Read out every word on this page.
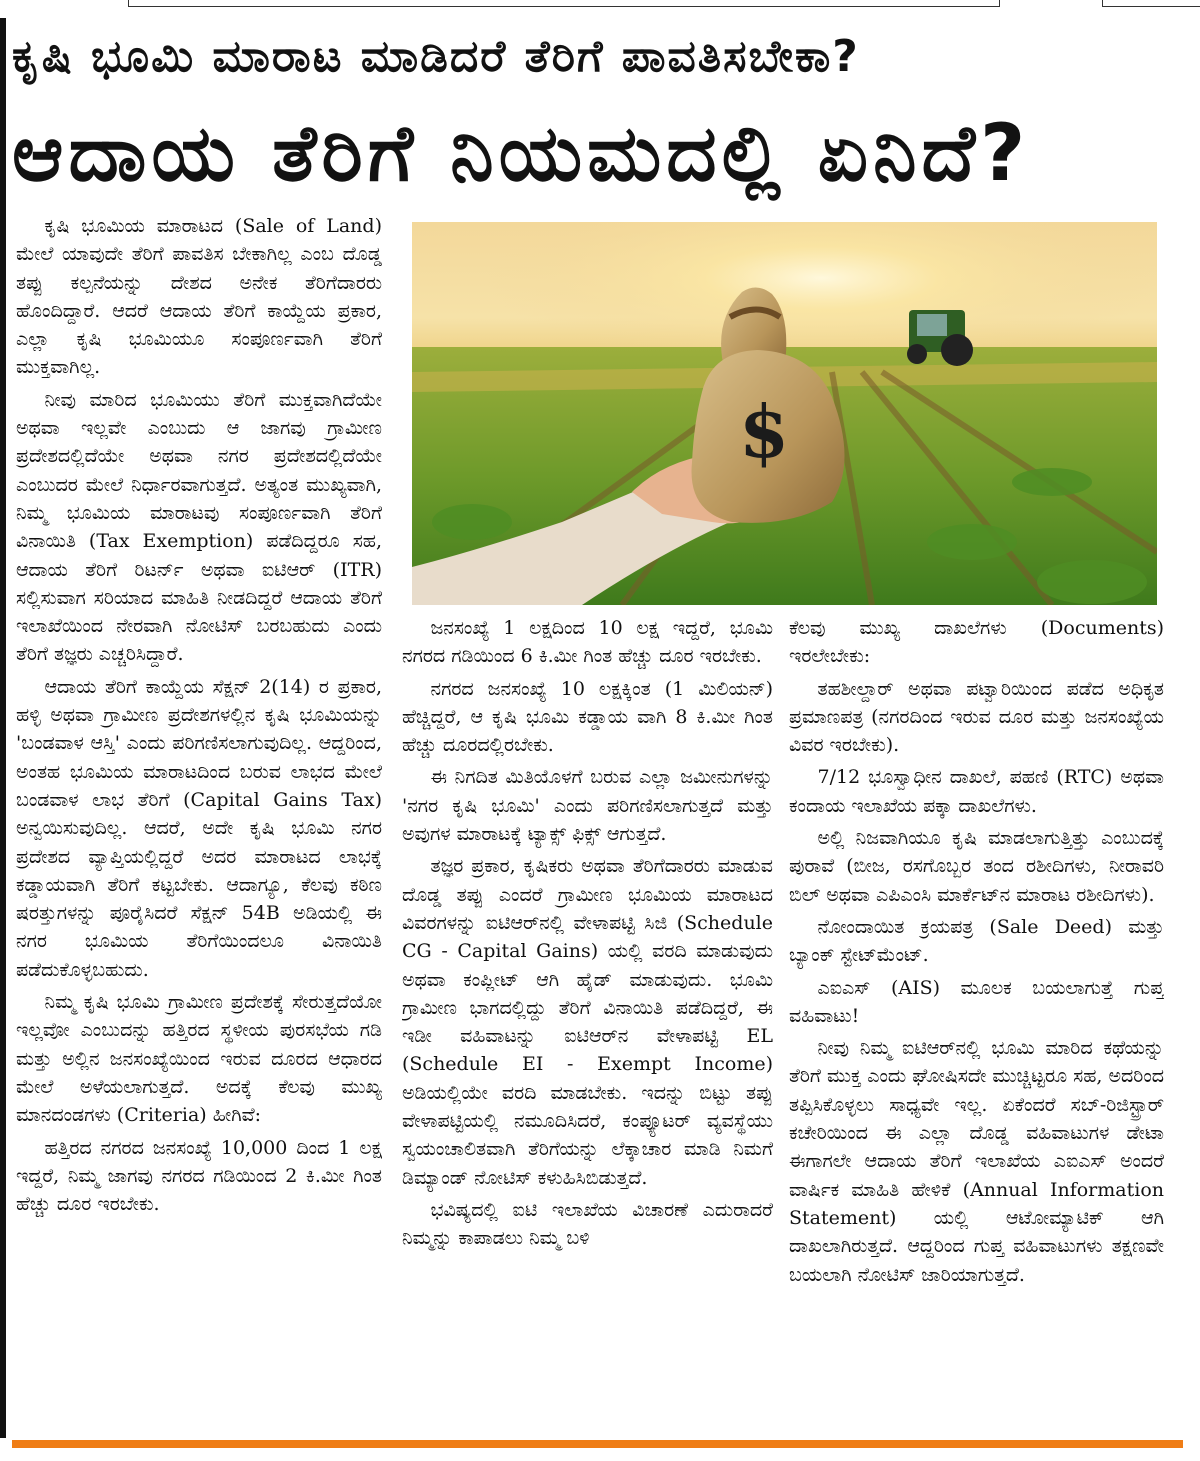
ಕೃಷಿ ಭೂಮಿ ಮಾರಾಟ ಮಾಡಿದರೆ ತೆರಿಗೆ ಪಾವತಿಸಬೇಕಾ?
ಆದಾಯ ತೆರಿಗೆ ನಿಯಮದಲ್ಲಿ ಏನಿದೆ?
$

ಕೃಷಿ ಭೂಮಿಯ ಮಾರಾಟದ (Sale of Land) ಮೇಲೆ ಯಾವುದೇ ತೆರಿಗೆ ಪಾವತಿಸ ಬೇಕಾಗಿಲ್ಲ ಎಂಬ ದೊಡ್ಡ ತಪ್ಪು ಕಲ್ಪನೆಯನ್ನು ದೇಶದ ಅನೇಕ ತೆರಿಗೆದಾರರು ಹೊಂದಿದ್ದಾರೆ. ಆದರೆ ಆದಾಯ ತೆರಿಗೆ ಕಾಯ್ದೆಯ ಪ್ರಕಾರ, ಎಲ್ಲಾ ಕೃಷಿ ಭೂಮಿಯೂ ಸಂಪೂರ್ಣವಾಗಿ ತೆರಿಗೆ ಮುಕ್ತವಾಗಿಲ್ಲ.

ನೀವು ಮಾರಿದ ಭೂಮಿಯು ತೆರಿಗೆ ಮುಕ್ತವಾಗಿದೆಯೇ ಅಥವಾ ಇಲ್ಲವೇ ಎಂಬುದು ಆ ಜಾಗವು ಗ್ರಾಮೀಣ ಪ್ರದೇಶದಲ್ಲಿದೆಯೇ ಅಥವಾ ನಗರ ಪ್ರದೇಶದಲ್ಲಿದೆಯೇ ಎಂಬುದರ ಮೇಲೆ ನಿರ್ಧಾರವಾಗುತ್ತದೆ. ಅತ್ಯಂತ ಮುಖ್ಯವಾಗಿ, ನಿಮ್ಮ ಭೂಮಿಯ ಮಾರಾಟವು ಸಂಪೂರ್ಣವಾಗಿ ತೆರಿಗೆ ವಿನಾಯಿತಿ (Tax Exemption) ಪಡೆದಿದ್ದರೂ ಸಹ, ಆದಾಯ ತೆರಿಗೆ ರಿಟರ್ನ್ ಅಥವಾ ಐಟಿಆರ್ (ITR) ಸಲ್ಲಿಸುವಾಗ ಸರಿಯಾದ ಮಾಹಿತಿ ನೀಡದಿದ್ದರೆ ಆದಾಯ ತೆರಿಗೆ ಇಲಾಖೆಯಿಂದ ನೇರವಾಗಿ ನೋಟಿಸ್ ಬರಬಹುದು ಎಂದು ತೆರಿಗೆ ತಜ್ಞರು ಎಚ್ಚರಿಸಿದ್ದಾರೆ.

ಆದಾಯ ತೆರಿಗೆ ಕಾಯ್ದೆಯ ಸೆಕ್ಷನ್ 2(14) ರ ಪ್ರಕಾರ, ಹಳ್ಳಿ ಅಥವಾ ಗ್ರಾಮೀಣ ಪ್ರದೇಶಗಳಲ್ಲಿನ ಕೃಷಿ ಭೂಮಿಯನ್ನು 'ಬಂಡವಾಳ ಆಸ್ತಿ' ಎಂದು ಪರಿಗಣಿಸಲಾಗುವುದಿಲ್ಲ. ಆದ್ದರಿಂದ, ಅಂತಹ ಭೂಮಿಯ ಮಾರಾಟದಿಂದ ಬರುವ ಲಾಭದ ಮೇಲೆ ಬಂಡವಾಳ ಲಾಭ ತೆರಿಗೆ (Capital Gains Tax) ಅನ್ವಯಿಸುವುದಿಲ್ಲ. ಆದರೆ, ಅದೇ ಕೃಷಿ ಭೂಮಿ ನಗರ ಪ್ರದೇಶದ ವ್ಯಾಪ್ತಿಯಲ್ಲಿದ್ದರೆ ಅದರ ಮಾರಾಟದ ಲಾಭಕ್ಕೆ ಕಡ್ಡಾಯವಾಗಿ ತೆರಿಗೆ ಕಟ್ಟಬೇಕು. ಆದಾಗ್ಯೂ, ಕೆಲವು ಕಠಿಣ ಷರತ್ತುಗಳನ್ನು ಪೂರೈಸಿದರೆ ಸೆಕ್ಷನ್ 54B ಅಡಿಯಲ್ಲಿ ಈ ನಗರ ಭೂಮಿಯ ತೆರಿಗೆಯಿಂದಲೂ ವಿನಾಯಿತಿ ಪಡೆದುಕೊಳ್ಳಬಹುದು.

ನಿಮ್ಮ ಕೃಷಿ ಭೂಮಿ ಗ್ರಾಮೀಣ ಪ್ರದೇಶಕ್ಕೆ ಸೇರುತ್ತದೆಯೋ ಇಲ್ಲವೋ ಎಂಬುದನ್ನು ಹತ್ತಿರದ ಸ್ಥಳೀಯ ಪುರಸಭೆಯ ಗಡಿ ಮತ್ತು ಅಲ್ಲಿನ ಜನಸಂಖ್ಯೆಯಿಂದ ಇರುವ ದೂರದ ಆಧಾರದ ಮೇಲೆ ಅಳೆಯಲಾಗುತ್ತದೆ. ಅದಕ್ಕೆ ಕೆಲವು ಮುಖ್ಯ ಮಾನದಂಡಗಳು (Criteria) ಹೀಗಿವೆ:

ಹತ್ತಿರದ ನಗರದ ಜನಸಂಖ್ಯೆ 10,000 ದಿಂದ 1 ಲಕ್ಷ ಇದ್ದರೆ, ನಿಮ್ಮ ಜಾಗವು ನಗರದ ಗಡಿಯಿಂದ 2 ಕಿ.ಮೀ ಗಿಂತ ಹೆಚ್ಚು ದೂರ ಇರಬೇಕು.

ಜನಸಂಖ್ಯೆ 1 ಲಕ್ಷದಿಂದ 10 ಲಕ್ಷ ಇದ್ದರೆ, ಭೂಮಿ ನಗರದ ಗಡಿಯಿಂದ 6 ಕಿ.ಮೀ ಗಿಂತ ಹೆಚ್ಚು ದೂರ ಇರಬೇಕು.

ನಗರದ ಜನಸಂಖ್ಯೆ 10 ಲಕ್ಷಕ್ಕಿಂತ (1 ಮಿಲಿಯನ್) ಹೆಚ್ಚಿದ್ದರೆ, ಆ ಕೃಷಿ ಭೂಮಿ ಕಡ್ಡಾಯ ವಾಗಿ 8 ಕಿ.ಮೀ ಗಿಂತ ಹೆಚ್ಚು ದೂರದಲ್ಲಿರಬೇಕು.

ಈ ನಿಗದಿತ ಮಿತಿಯೊಳಗೆ ಬರುವ ಎಲ್ಲಾ ಜಮೀನುಗಳನ್ನು 'ನಗರ ಕೃಷಿ ಭೂಮಿ' ಎಂದು ಪರಿಗಣಿಸಲಾಗುತ್ತದೆ ಮತ್ತು ಅವುಗಳ ಮಾರಾಟಕ್ಕೆ ಟ್ಯಾಕ್ಸ್ ಫಿಕ್ಸ್ ಆಗುತ್ತದೆ.

ತಜ್ಞರ ಪ್ರಕಾರ, ಕೃಷಿಕರು ಅಥವಾ ತೆರಿಗೆದಾರರು ಮಾಡುವ ದೊಡ್ಡ ತಪ್ಪು ಎಂದರೆ ಗ್ರಾಮೀಣ ಭೂಮಿಯ ಮಾರಾಟದ ವಿವರಗಳನ್ನು ಐಟಿಆರ್‌ನಲ್ಲಿ ವೇಳಾಪಟ್ಟಿ ಸಿಜಿ (Schedule CG - Capital Gains) ಯಲ್ಲಿ ವರದಿ ಮಾಡುವುದು ಅಥವಾ ಕಂಪ್ಲೀಟ್ ಆಗಿ ಹೈಡ್ ಮಾಡುವುದು. ಭೂಮಿ ಗ್ರಾಮೀಣ ಭಾಗದಲ್ಲಿದ್ದು ತೆರಿಗೆ ವಿನಾಯಿತಿ ಪಡೆದಿದ್ದರೆ, ಈ ಇಡೀ ವಹಿವಾಟನ್ನು ಐಟಿಆರ್‌ನ ವೇಳಾಪಟ್ಟಿ EL (Schedule EI - Exempt Income) ಅಡಿಯಲ್ಲಿಯೇ ವರದಿ ಮಾಡಬೇಕು. ಇದನ್ನು ಬಿಟ್ಟು ತಪ್ಪು ವೇಳಾಪಟ್ಟಿಯಲ್ಲಿ ನಮೂದಿಸಿದರೆ, ಕಂಪ್ಯೂಟರ್ ವ್ಯವಸ್ಥೆಯು ಸ್ವಯಂಚಾಲಿತವಾಗಿ ತೆರಿಗೆಯನ್ನು ಲೆಕ್ಕಾಚಾರ ಮಾಡಿ ನಿಮಗೆ ಡಿಮ್ಯಾಂಡ್ ನೋಟಿಸ್ ಕಳುಹಿಸಿಬಿಡುತ್ತದೆ.

ಭವಿಷ್ಯದಲ್ಲಿ ಐಟಿ ಇಲಾಖೆಯ ವಿಚಾರಣೆ ಎದುರಾದರೆ ನಿಮ್ಮನ್ನು ಕಾಪಾಡಲು ನಿಮ್ಮ ಬಳಿ

ಕೆಲವು ಮುಖ್ಯ ದಾಖಲೆಗಳು (Documents) ಇರಲೇಬೇಕು:

ತಹಶೀಲ್ದಾರ್ ಅಥವಾ ಪಟ್ವಾರಿಯಿಂದ ಪಡೆದ ಅಧಿಕೃತ ಪ್ರಮಾಣಪತ್ರ (ನಗರದಿಂದ ಇರುವ ದೂರ ಮತ್ತು ಜನಸಂಖ್ಯೆಯ ವಿವರ ಇರಬೇಕು).

7/12 ಭೂಸ್ವಾಧೀನ ದಾಖಲೆ, ಪಹಣಿ (RTC) ಅಥವಾ ಕಂದಾಯ ಇಲಾಖೆಯ ಪಕ್ಕಾ ದಾಖಲೆಗಳು.

ಅಲ್ಲಿ ನಿಜವಾಗಿಯೂ ಕೃಷಿ ಮಾಡಲಾಗುತ್ತಿತ್ತು ಎಂಬುದಕ್ಕೆ ಪುರಾವೆ (ಬೀಜ, ರಸಗೊಬ್ಬರ ತಂದ ರಶೀದಿಗಳು, ನೀರಾವರಿ ಬಿಲ್ ಅಥವಾ ಎಪಿಎಂಸಿ ಮಾರ್ಕೆಟ್‌ನ ಮಾರಾಟ ರಶೀದಿಗಳು).

ನೋಂದಾಯಿತ ಕ್ರಯಪತ್ರ (Sale Deed) ಮತ್ತು ಬ್ಯಾಂಕ್ ಸ್ಟೇಟ್‌ಮೆಂಟ್.

ಎಐಎಸ್ (AIS) ಮೂಲಕ ಬಯಲಾಗುತ್ತೆ ಗುಪ್ತ ವಹಿವಾಟು!

ನೀವು ನಿಮ್ಮ ಐಟಿಆರ್‌ನಲ್ಲಿ ಭೂಮಿ ಮಾರಿದ ಕಥೆಯನ್ನು ತೆರಿಗೆ ಮುಕ್ತ ಎಂದು ಘೋಷಿಸದೇ ಮುಚ್ಚಿಟ್ಟರೂ ಸಹ, ಅದರಿಂದ ತಪ್ಪಿಸಿಕೊಳ್ಳಲು ಸಾಧ್ಯವೇ ಇಲ್ಲ. ಏಕೆಂದರೆ ಸಬ್-ರಿಜಿಸ್ಟ್ರಾರ್ ಕಚೇರಿಯಿಂದ ಈ ಎಲ್ಲಾ ದೊಡ್ಡ ವಹಿವಾಟುಗಳ ಡೇಟಾ ಈಗಾಗಲೇ ಆದಾಯ ತೆರಿಗೆ ಇಲಾಖೆಯ ಎಐಎಸ್ ಅಂದರೆ ವಾರ್ಷಿಕ ಮಾಹಿತಿ ಹೇಳಿಕೆ (Annual Information Statement) ಯಲ್ಲಿ ಆಟೋಮ್ಯಾಟಿಕ್ ಆಗಿ ದಾಖಲಾಗಿರುತ್ತದೆ. ಆದ್ದರಿಂದ ಗುಪ್ತ ವಹಿವಾಟುಗಳು ತಕ್ಷಣವೇ ಬಯಲಾಗಿ ನೋಟಿಸ್ ಜಾರಿಯಾಗುತ್ತದೆ.
